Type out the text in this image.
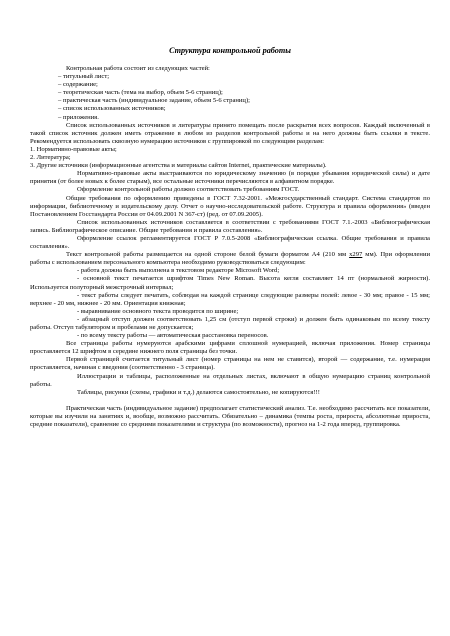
Структура контрольной работы

Контрольная работа состоит из следующих частей:

– титульный лист;

– содержание;

– теоретическая часть (тема на выбор, объем 5-6 страниц);

– практическая часть (индивидуальное задание, объем 5-6 страниц);

– список использованных источников;

– приложения.

Список использованных источников и литературы принято помещать после раскрытия всех вопросов. Каждый включенный в такой список источник должен иметь отражение в любом из разделов контрольной работы и на него должны быть ссылки в тексте. Рекомендуется использовать сквозную нумерацию источников с группировкой по следующим разделам:

1. Нормативно-правовые акты;

2. Литература;

3. Другие источники (информационные агентства и материалы сайтов Internet, практические материалы).

Нормативно-правовые акты выстраиваются по юридическому значению (в порядке убывания юридической силы) и дате принятия (от более новых к более старым), все остальные источники перечисляются в алфавитном порядке.

Оформление контрольной работы должно соответствовать требованиям ГОСТ.

Общие требования по оформлению приведены в ГОСТ 7.32-2001. «Межгосударственный стандарт. Система стандартов по информации, библиотечному и издательскому делу. Отчет о научно-исследовательской работе. Структура и правила оформления» (введен Постановлением Госстандарта России от 04.09.2001 N 367-ст) (ред. от 07.09.2005).

Список использованных источников составляется в соответствии с требованиями ГОСТ 7.1.-2003 «Библиографическая запись. Библиографическое описание. Общие требования и правила составления».

Оформление ссылок регламентируется ГОСТ Р 7.0.5-2008 «Библиографическая ссылка. Общие требования и правила составления».

Текст контрольной работы размещается на одной стороне белой бумаги форматом А4 (210 мм х297 мм). При оформлении работы с использованием персонального компьютера необходимо руководствоваться следующим:

- работа должна быть выполнена в текстовом редакторе Microsoft Word;

- основной текст печатается шрифтом Times New Roman. Высота кегля составляет 14 пт (нормальной жирности). Используется полуторный межстрочный интервал;

- текст работы следует печатать, соблюдая на каждой странице следующие размеры полей: левое - 30 мм; правое - 15 мм; верхнее - 20 мм, нижнее - 20 мм. Ориентация книжная;

- выравнивание основного текста проводится по ширине;

- абзацный отступ должен соответствовать 1,25 см (отступ первой строки) и должен быть одинаковым по всему тексту работы. Отступ табулятором и пробелами не допускается;

- по всему тексту работы — автоматическая расстановка переносов.

Все страницы работы нумеруются арабскими цифрами сплошной нумерацией, включая приложения. Номер страницы проставляется 12 шрифтом в середине нижнего поля страницы без точки.

Первой страницей считается титульный лист (номер страницы на нем не ставится), второй — содержание, т.е. нумерация проставляется, начиная с введения (соответственно - 3 страница).

Иллюстрации и таблицы, расположенные на отдельных листах, включают в общую нумерацию страниц контрольной работы.

Таблицы, рисунки (схемы, графики и т.д.) делаются самостоятельно, не копируются!!!

Практическая часть (индивидуальное задание) предполагает статистический анализ. Т.е. необходимо рассчитать все показатели, которые вы изучили на занятиях и, вообще, возможно рассчитать. Обязательно – динамика (темпы роста, прироста, абсолютные прироста, средние показатели), сравнение со средними показателями и структура (по возможности), прогноз на 1-2 года вперед, группировка.
